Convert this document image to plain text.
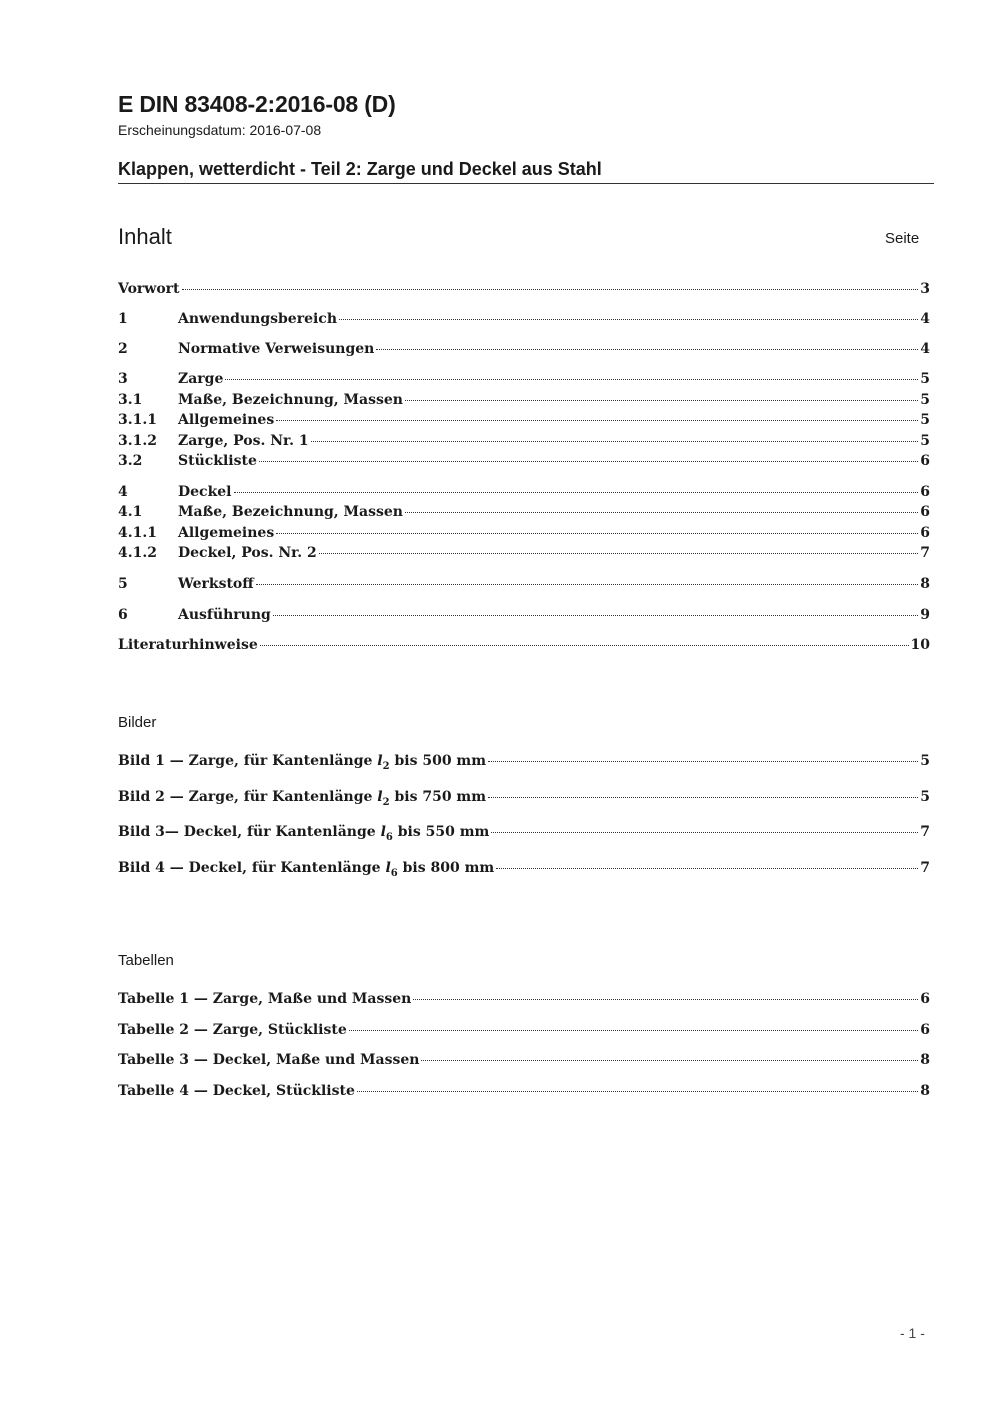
E DIN 83408-2:2016-08 (D)
Erscheinungsdatum: 2016-07-08
Klappen, wetterdicht - Teil 2: Zarge und Deckel aus Stahl
Inhalt	Seite
Vorwort	3
1	Anwendungsbereich	4
2	Normative Verweisungen	4
3	Zarge	5
3.1	Maße, Bezeichnung, Massen	5
3.1.1	Allgemeines	5
3.1.2	Zarge, Pos. Nr. 1	5
3.2	Stückliste	6
4	Deckel	6
4.1	Maße, Bezeichnung, Massen	6
4.1.1	Allgemeines	6
4.1.2	Deckel, Pos. Nr. 2	7
5	Werkstoff	8
6	Ausführung	9
Literaturhinweise	10
Bilder
Bild 1 — Zarge, für Kantenlänge $l_2$ bis 500 mm	5
Bild 2 — Zarge, für Kantenlänge $l_2$ bis 750 mm	5
Bild 3— Deckel, für Kantenlänge $l_6$ bis 550 mm	7
Bild 4 — Deckel, für Kantenlänge $l_6$ bis 800 mm	7
Tabellen
Tabelle 1 — Zarge, Maße und Massen	6
Tabelle 2 — Zarge, Stückliste	6
Tabelle 3 — Deckel, Maße und Massen	8
Tabelle 4 — Deckel, Stückliste	8
- 1 -
